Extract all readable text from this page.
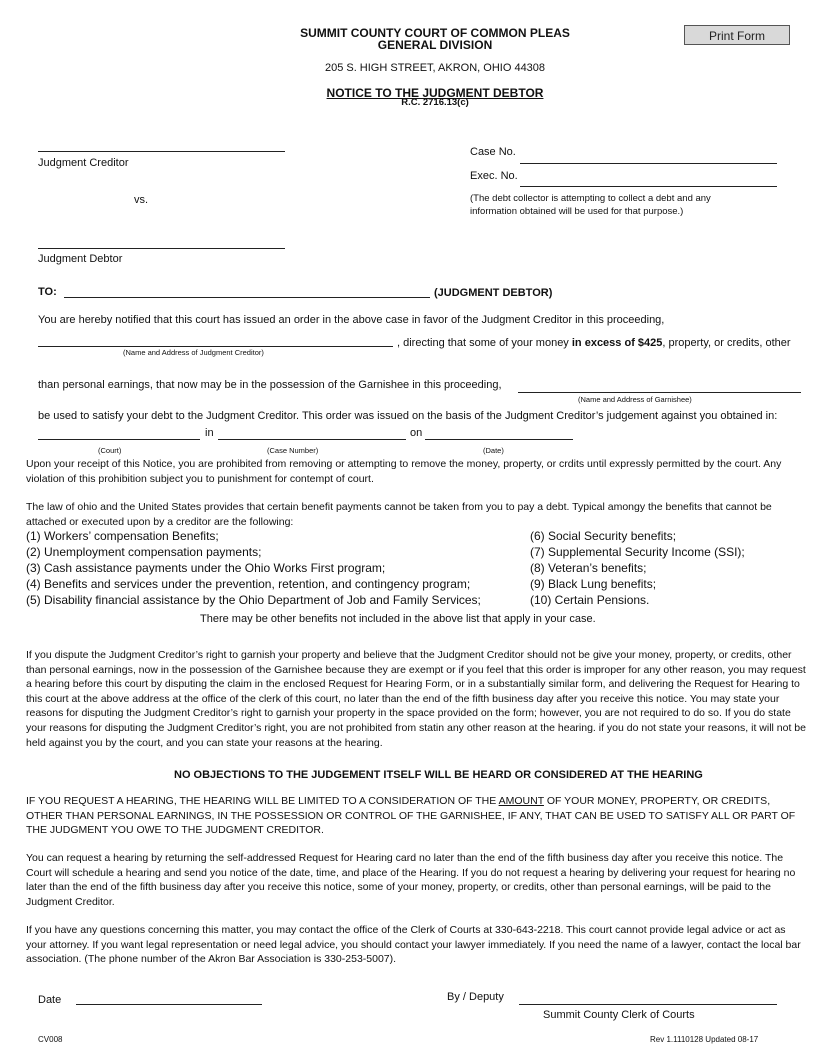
SUMMIT COUNTY COURT OF COMMON PLEAS
GENERAL DIVISION
Print Form
205 S. HIGH STREET, AKRON, OHIO 44308
NOTICE TO THE JUDGMENT DEBTOR
R.C. 2716.13(c)
Judgment Creditor
vs.
Judgment Debtor
Case No.
Exec. No.
(The debt collector is attempting to collect a debt and any
information obtained will be used for that purpose.)
TO:	(JUDGMENT DEBTOR)
You are hereby notified that this court has issued an order in the above case in favor of the Judgment Creditor in this proceeding,
, directing that some of your money in excess of $425, property, or credits, other
(Name and Address of Judgment Creditor)
than personal earnings, that now may be in the possession of the Garnishee in this proceeding,
(Name and Address of Garnishee)
be used to satisfy your debt to the Judgment Creditor. This order was issued on the basis of the Judgment Creditor’s judgement against you obtained in:
in	on
(Court)	(Case Number)	(Date)
Upon your receipt of this Notice, you are prohibited from removing or attempting to remove the money, property, or crdits until expressly permitted by the court. Any violation of this prohibition subject you to punishment for contempt of court.
The law of ohio and the United States provides that certain benefit payments cannot be taken from you to pay a debt. Typical amongy the benefits that cannot be attached or executed upon by a creditor are the following:
(1) Workers’ compensation Benefits;
(2) Unemployment compensation payments;
(3) Cash assistance payments under the Ohio Works First program;
(4) Benefits and services under the prevention, retention, and contingency program;
(5) Disability financial assistance by the Ohio Department of Job and Family Services;
(6) Social Security benefits;
(7) Supplemental Security Income (SSI);
(8) Veteran’s benefits;
(9) Black Lung benefits;
(10) Certain Pensions.
There may be other benefits not included in the above list that apply in your case.
If you dispute the Judgment Creditor’s right to garnish your property and believe that the Judgment Creditor should not be give your money, property, or credits, other than personal earnings, now in the possession of the Garnishee because they are exempt or if you feel that this order is improper for any other reason, you may request a hearing before this court by disputing the claim in the enclosed Request for Hearing Form, or in a substantially similar form, and delivering the Request for Hearing to this court at the above address at the office of the clerk of this court, no later than the end of the fifth business day after you receive this notice. You may state your reasons for disputing the Judgment Creditor’s right to garnish your property in the space provided on the form; however, you are not required to do so. If you do state your reasons for disputing the Judgment Creditor’s right, you are not prohibited from statin any other reason at the hearing. if you do not state your reasons, it will not be held against you by the court, and you can state your reasons at the hearing.
NO OBJECTIONS TO THE JUDGEMENT ITSELF WILL BE HEARD OR CONSIDERED AT THE HEARING
IF YOU REQUEST A HEARING, THE HEARING WILL BE LIMITED TO A CONSIDERATION OF THE AMOUNT OF YOUR MONEY, PROPERTY, OR CREDITS, OTHER THAN PERSONAL EARNINGS, IN THE POSSESSION OR CONTROL OF THE GARNISHEE, IF ANY, THAT CAN BE USED TO SATISFY ALL OR PART OF THE JUDGMENT YOU OWE TO THE JUDGMENT CREDITOR.
You can request a hearing by returning the self-addressed Request for Hearing card no later than the end of the fifth business day after you receive this notice. The Court will schedule a hearing and send you notice of the date, time, and place of the Hearing. If you do not request a hearing by delivering your request for hearing no later than the end of the fifth business day after you receive this notice, some of your money, property, or credits, other than personal earnings, will be paid to the Judgment Creditor.
If you have any questions concerning this matter, you may contact the office of the Clerk of Courts at 330-643-2218. This court cannot provide legal advice or act as your attorney. If you want legal representation or need legal advice, you should contact your lawyer immediately. If you need the name of a lawyer, contact the local bar association. (The phone number of the Akron Bar Association is 330-253-5007).
Date	By / Deputy
Summit County Clerk of Courts
CV008	Rev 1.1110128 Updated 08-17
